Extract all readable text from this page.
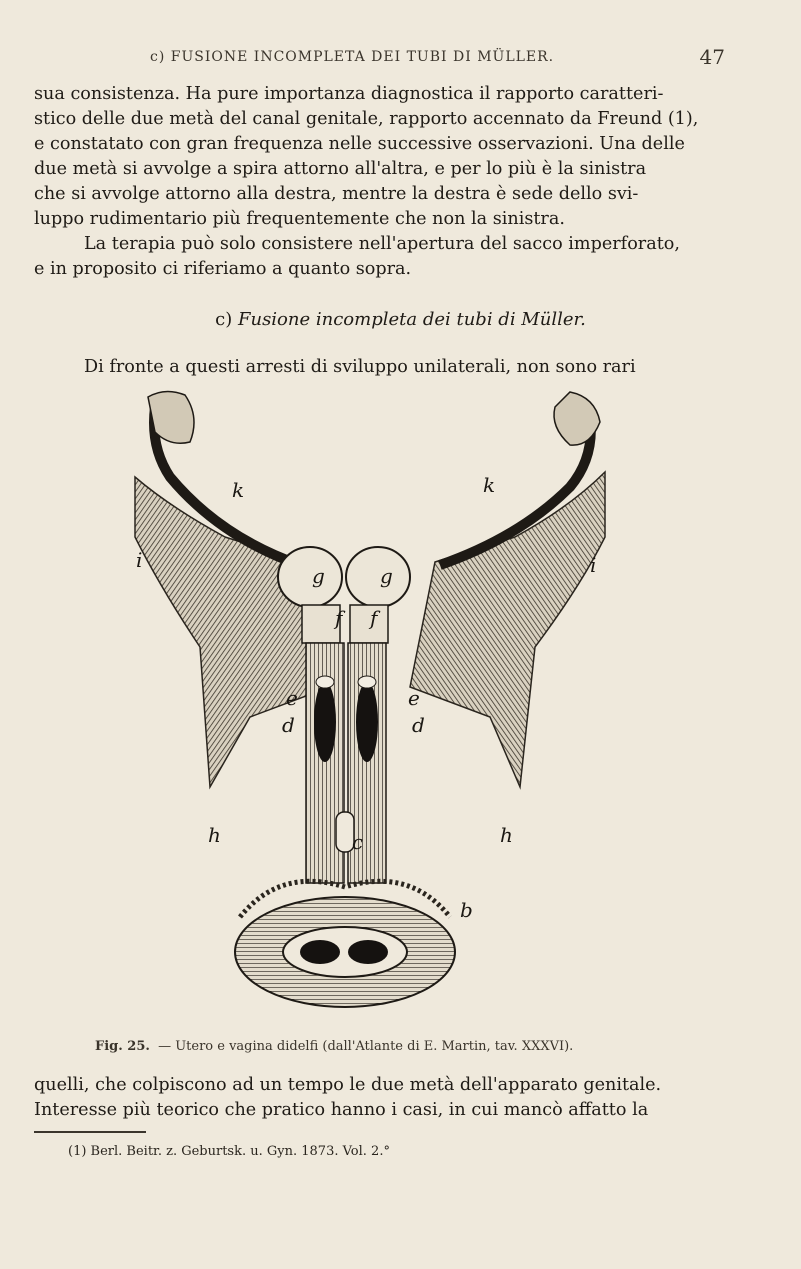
c) FUSIONE INCOMPLETA DEI TUBI DI MÜLLER.	47

sua consistenza. Ha pure importanza diagnostica il rapporto caratteri-

stico delle due metà del canal genitale, rapporto accennato da Freund (1),

e constatato con gran frequenza nelle successive osservazioni. Una delle

due metà si avvolge a spira attorno all'altra, e per lo più è la sinistra

che si avvolge attorno alla destra, mentre la destra è sede dello svi-

luppo rudimentario più frequentemente che non la sinistra.

La terapia può solo consistere nell'apertura del sacco imperforato,

e in proposito ci riferiamo a quanto sopra.

c) Fusione incompleta dei tubi di Müller.

Di fronte a questi arresti di sviluppo unilaterali, non sono rari

k	k
i	i
g	g
f f
e	e
d	d
h	h
c
b
Fig. 25. — Utero e vagina didelfi (dall'Atlante di E. Martin, tav. XXXVI).

quelli, che colpiscono ad un tempo le due metà dell'apparato genitale.

Interesse più teorico che pratico hanno i casi, in cui mancò affatto la

(1) Berl. Beitr. z. Geburtsk. u. Gyn. 1873. Vol. 2.°
